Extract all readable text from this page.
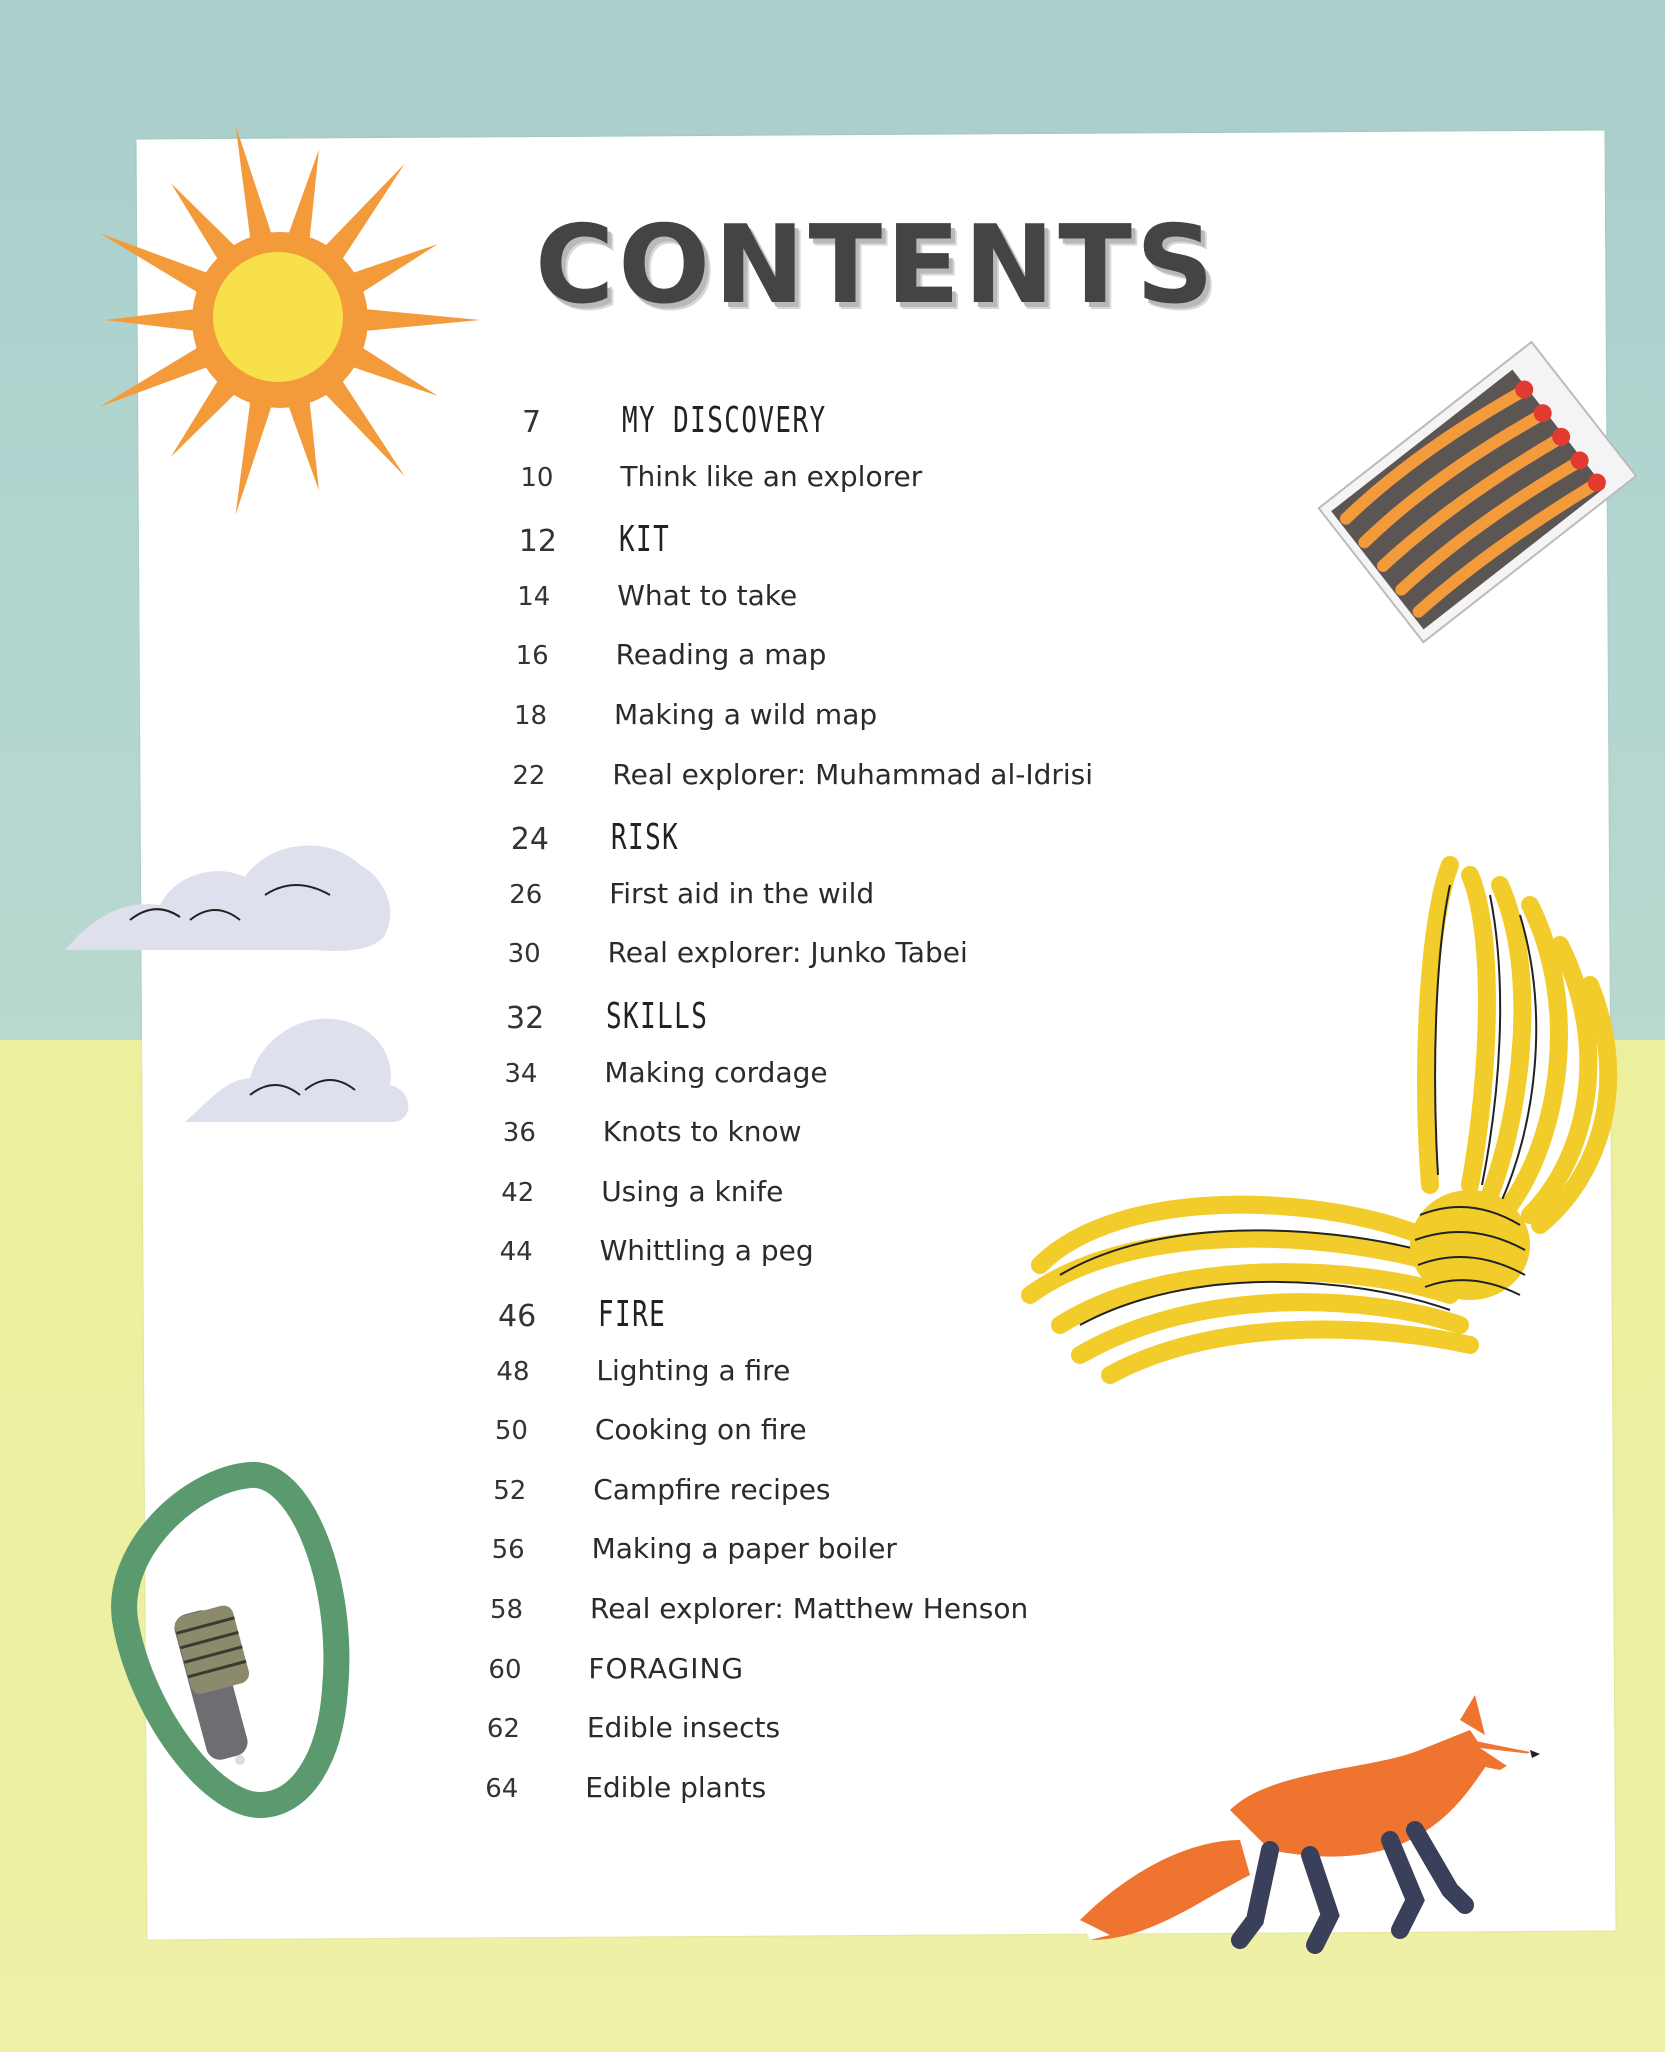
CONTENTS
7	MY DISCOVERY
10	Think like an explorer
12	KIT
14	What to take
16	Reading a map
18	Making a wild map
22	Real explorer: Muhammad al-Idrisi
24	RISK
26	First aid in the wild
30	Real explorer: Junko Tabei
32	SKILLS
34	Making cordage
36	Knots to know
42	Using a knife
44	Whittling a peg
46	FIRE
48	Lighting a fire
50	Cooking on fire
52	Campfire recipes
56	Making a paper boiler
58	Real explorer: Matthew Henson
60	FORAGING
62	Edible insects
64	Edible plants
